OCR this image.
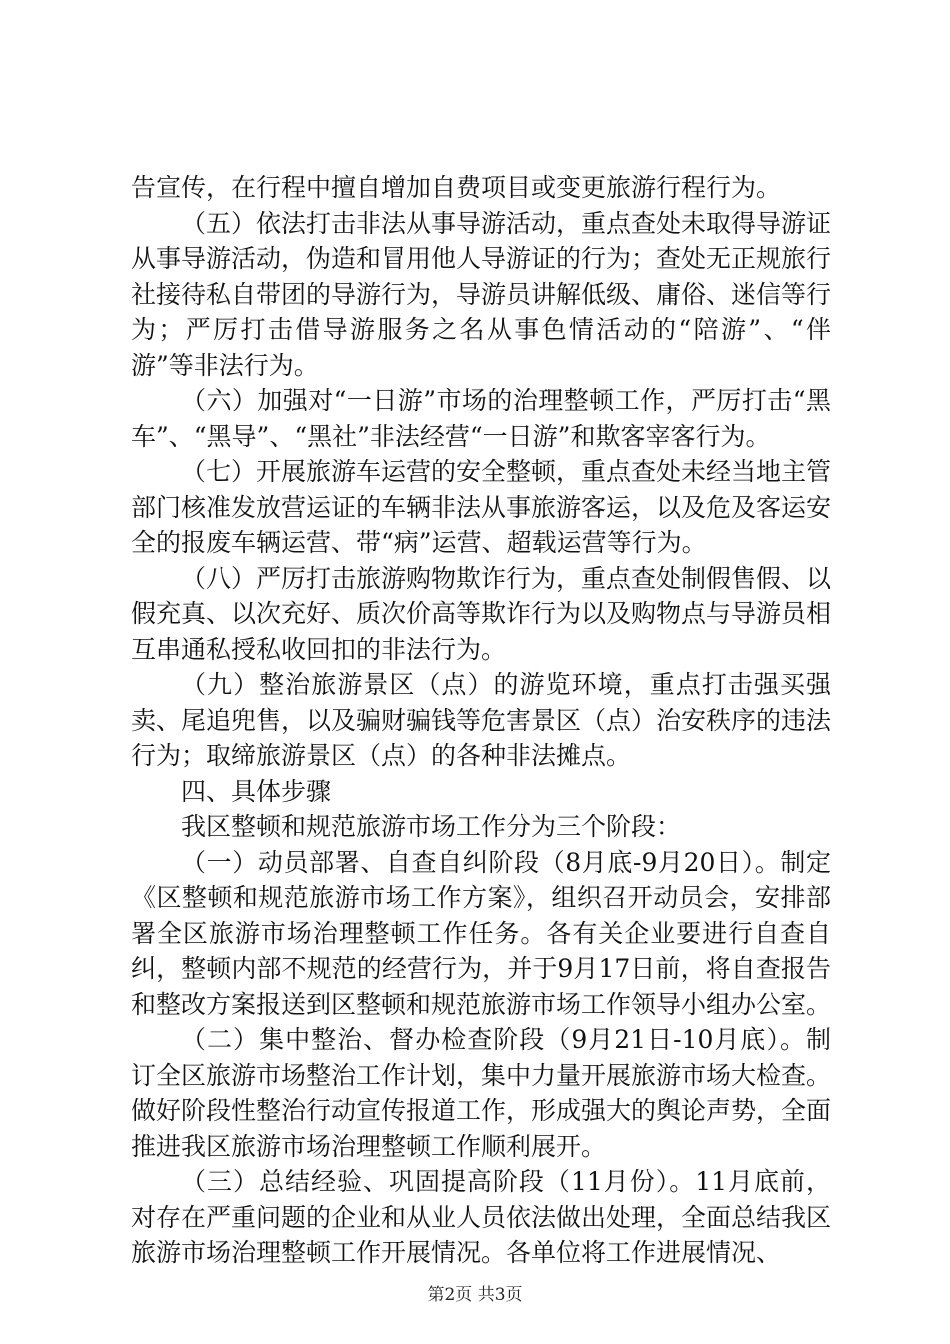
告宣传，在行程中擅自增加自费项目或变更旅游行程行为。

（五）依法打击非法从事导游活动，重点查处未取得导游证从事导游活动，伪造和冒用他人导游证的行为；查处无正规旅行社接待私自带团的导游行为，导游员讲解低级、庸俗、迷信等行为；严厉打击借导游服务之名从事色情活动的“陪游”、“伴游”等非法行为。

（六）加强对“一日游”市场的治理整顿工作，严厉打击“黑车”、“黑导”、“黑社”非法经营“一日游”和欺客宰客行为。

（七）开展旅游车运营的安全整顿，重点查处未经当地主管部门核准发放营运证的车辆非法从事旅游客运，以及危及客运安全的报废车辆运营、带“病”运营、超载运营等行为。

（八）严厉打击旅游购物欺诈行为，重点查处制假售假、以假充真、以次充好、质次价高等欺诈行为以及购物点与导游员相互串通私授私收回扣的非法行为。

（九）整治旅游景区（点）的游览环境，重点打击强买强卖、尾追兜售，以及骗财骗钱等危害景区（点）治安秩序的违法行为；取缔旅游景区（点）的各种非法摊点。

四、具体步骤

我区整顿和规范旅游市场工作分为三个阶段：

（一）动员部署、自查自纠阶段（8月底-9月20日）。制定《区整顿和规范旅游市场工作方案》，组织召开动员会，安排部署全区旅游市场治理整顿工作任务。各有关企业要进行自查自纠，整顿内部不规范的经营行为，并于9月17日前，将自查报告和整改方案报送到区整顿和规范旅游市场工作领导小组办公室。

（二）集中整治、督办检查阶段（9月21日-10月底）。制订全区旅游市场整治工作计划，集中力量开展旅游市场大检查。做好阶段性整治行动宣传报道工作，形成强大的舆论声势，全面推进我区旅游市场治理整顿工作顺利展开。

（三）总结经验、巩固提高阶段（11月份）。11月底前，对存在严重问题的企业和从业人员依法做出处理，全面总结我区旅游市场治理整顿工作开展情况。各单位将工作进展情况、

第2页 共3页
